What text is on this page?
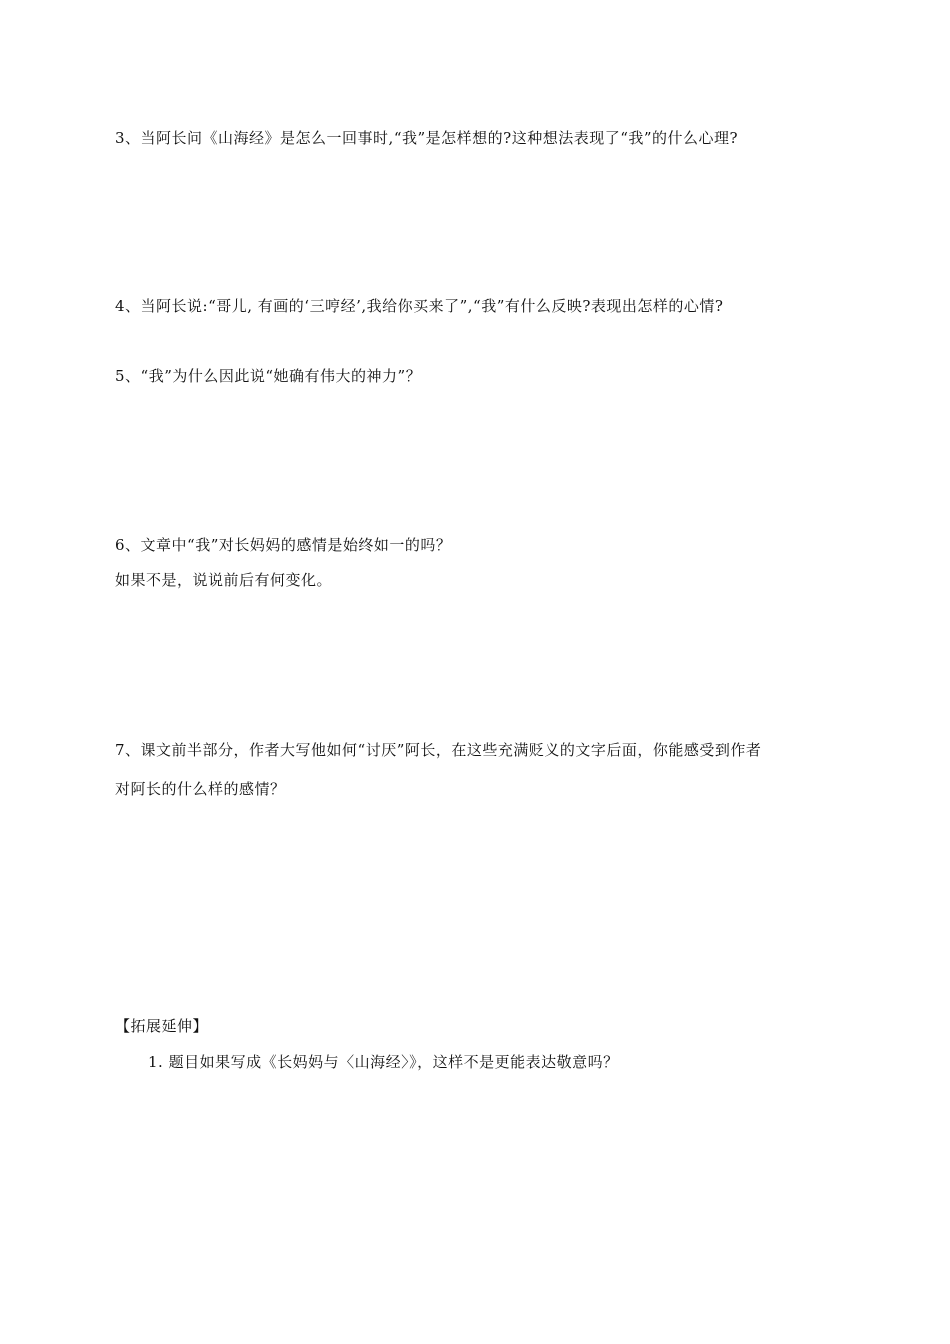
3、当阿长问《山海经》是怎么一回事时,“我”是怎样想的?这种想法表现了“我”的什么心理?
4、当阿长说:“哥儿, 有画的‘三哼经’,我给你买来了”,“我”有什么反映?表现出怎样的心情?
5、“我”为什么因此说“她确有伟大的神力”？
6、文章中“我”对长妈妈的感情是始终如一的吗？
如果不是，说说前后有何变化。
7、课文前半部分，作者大写他如何“讨厌”阿长，在这些充满贬义的文字后面，你能感受到作者
对阿长的什么样的感情？
【拓展延伸】
1. 题目如果写成《长妈妈与〈山海经〉》，这样不是更能表达敬意吗？
